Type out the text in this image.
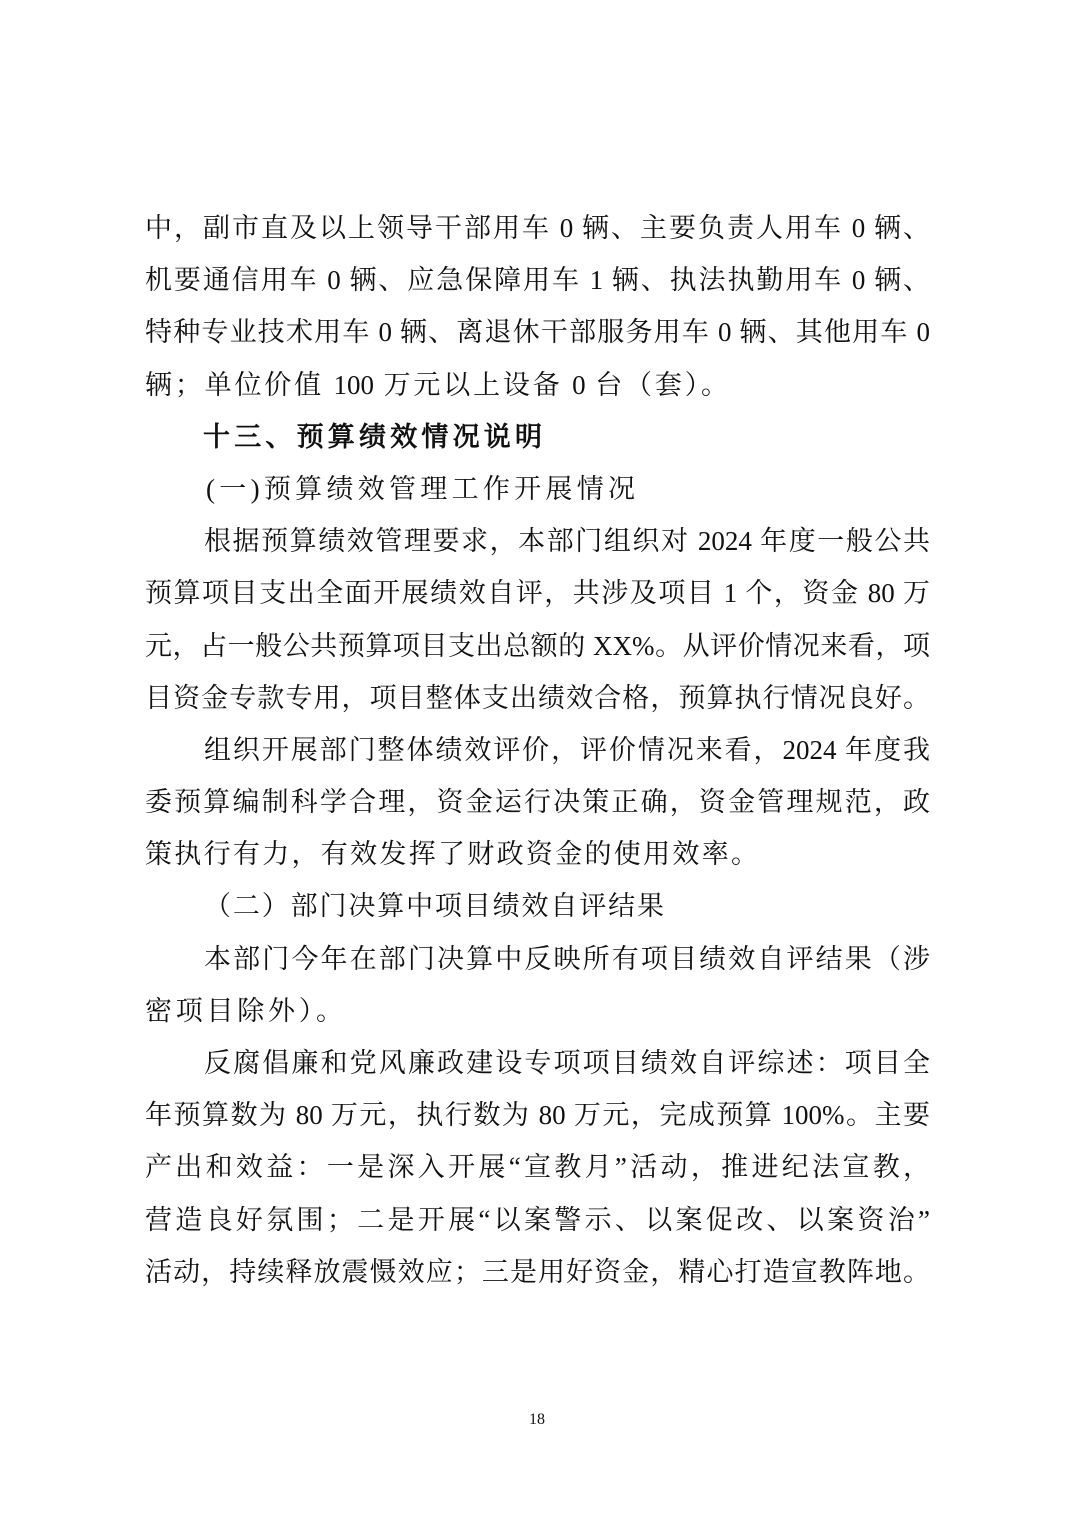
中，副市直及以上领导干部用车 0 辆、主要负责人用车 0 辆、
机要通信用车 0 辆、应急保障用车 1 辆、执法执勤用车 0 辆、
特种专业技术用车 0 辆、离退休干部服务用车 0 辆、其他用车 0
辆；单位价值 100 万元以上设备 0 台（套）。
十三、预算绩效情况说明
(一)预算绩效管理工作开展情况
根据预算绩效管理要求，本部门组织对 2024 年度一般公共
预算项目支出全面开展绩效自评，共涉及项目 1 个，资金 80 万
元，占一般公共预算项目支出总额的 XX%。从评价情况来看，项
目资金专款专用，项目整体支出绩效合格，预算执行情况良好。
组织开展部门整体绩效评价，评价情况来看，2024 年度我
委预算编制科学合理，资金运行决策正确，资金管理规范，政
策执行有力，有效发挥了财政资金的使用效率。
（二）部门决算中项目绩效自评结果
本部门今年在部门决算中反映所有项目绩效自评结果（涉
密项目除外）。
反腐倡廉和党风廉政建设专项项目绩效自评综述：项目全
年预算数为 80 万元，执行数为 80 万元，完成预算 100%。主要
产出和效益：一是深入开展“宣教月”活动，推进纪法宣教，
营造良好氛围；二是开展“以案警示、以案促改、以案资治”
活动，持续释放震慑效应；三是用好资金，精心打造宣教阵地。
18
